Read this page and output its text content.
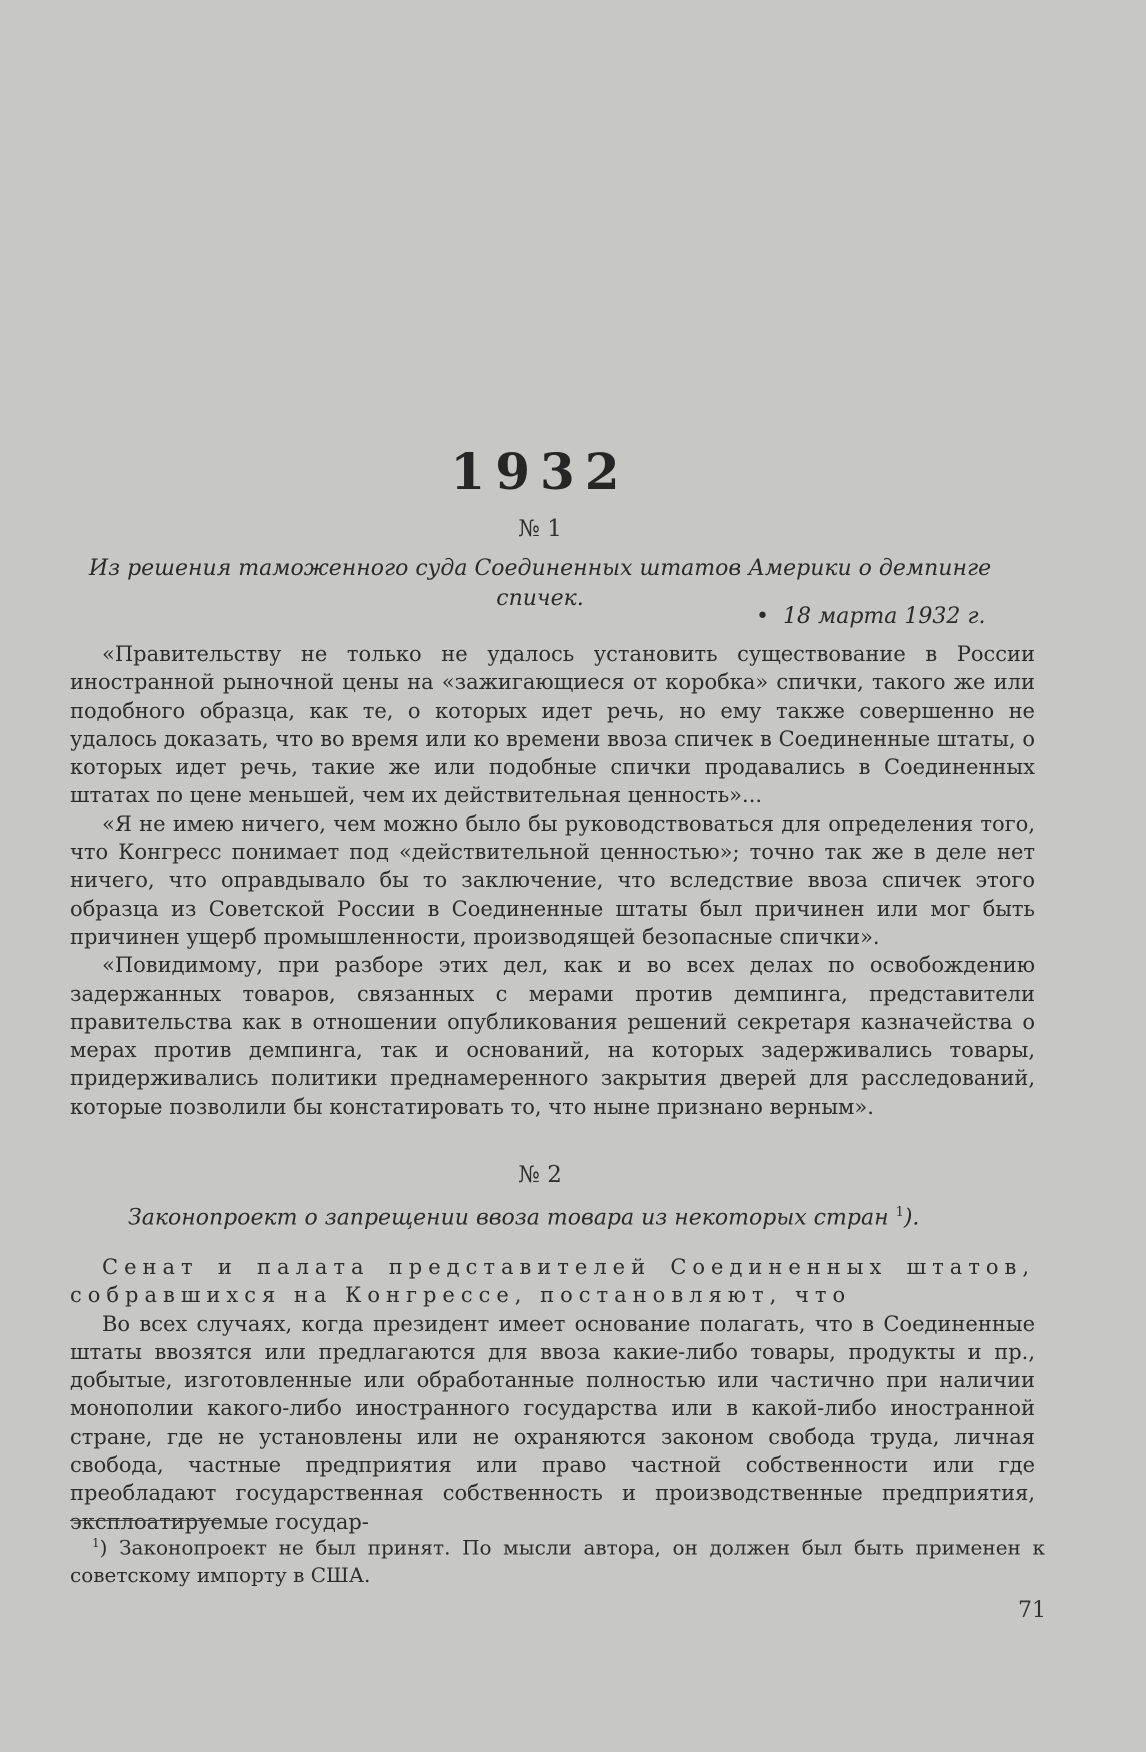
1932
№ 1
Из решения таможенного суда Соединенных штатов Америки о демпинге спичек.
•  18 марта 1932 г.

«Правительству не только не удалось установить существование в России иностранной рыночной цены на «зажигающиеся от коробка» спички, такого же или подобного образца, как те, о которых идет речь, но ему также совершенно не удалось доказать, что во время или ко времени ввоза спичек в Соединенные штаты, о которых идет речь, такие же или подобные спички продавались в Соединенных штатах по цене меньшей, чем их действительная ценность»...

«Я не имею ничего, чем можно было бы руководствоваться для определения того, что Конгресс понимает под «действительной ценностью»; точно так же в деле нет ничего, что оправдывало бы то заключение, что вследствие ввоза спичек этого образца из Советской России в Соединенные штаты был причинен или мог быть причинен ущерб промышленности, производящей безопасные спички».

«Повидимому, при разборе этих дел, как и во всех делах по освобождению задержанных товаров, связанных с мерами против демпинга, представители правительства как в отношении опубликования решений секретаря казначейства о мерах против демпинга, так и оснований, на которых задерживались товары, придерживались политики преднамеренного закрытия дверей для расследований, которые позволили бы констатировать то, что ныне признано верным».

№ 2
Законопроект о запрещении ввоза товара из некоторых стран $^1$).

Сенат и палата представителей Соединенных штатов, собравшихся на Конгрессе, постановляют, что

Во всех случаях, когда президент имеет основание полагать, что в Соединенные штаты ввозятся или предлагаются для ввоза какие-либо товары, продукты и пр., добытые, изготовленные или обработанные полностью или частично при наличии монополии какого-либо иностранного государства или в какой-либо иностранной стране, где не установлены или не охраняются законом свобода труда, личная свобода, частные предприятия или право частной собственности или где преобладают государственная собственность и производственные предприятия, эксплоатируемые государ-

$^1$) Законопроект не был принят. По мысли автора, он должен был быть применен к советскому импорту в США.

71
